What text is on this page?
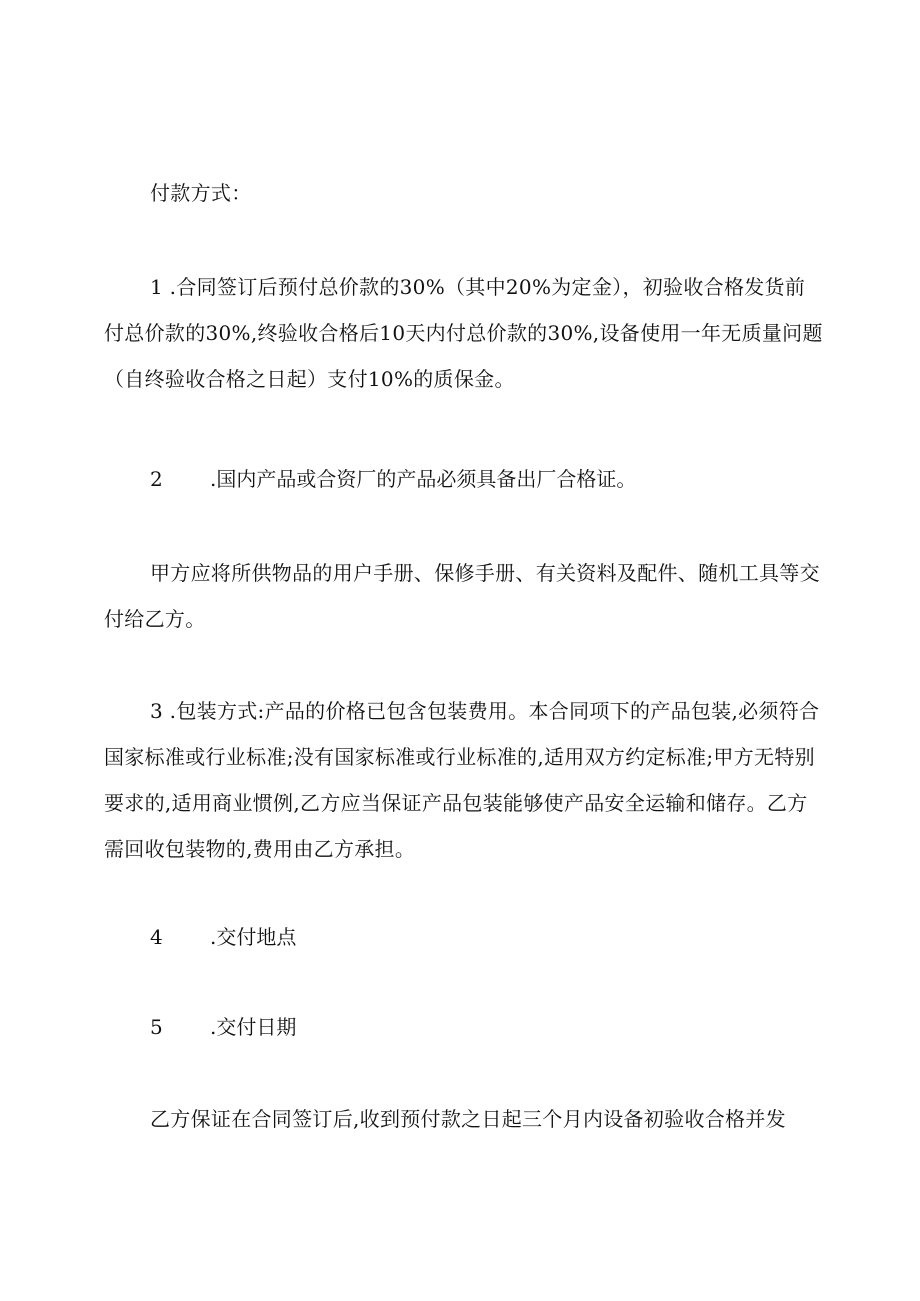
付款方式：
1 .合同签订后预付总价款的30%（其中20%为定金），初验收合格发货前付总价款的30%,终验收合格后10天内付总价款的30%,设备使用一年无质量问题（自终验收合格之日起）支付10%的质保金。
2 .国内产品或合资厂的产品必须具备出厂合格证。
甲方应将所供物品的用户手册、保修手册、有关资料及配件、随机工具等交付给乙方。
3 .包装方式:产品的价格已包含包装费用。本合同项下的产品包装,必须符合国家标准或行业标准;没有国家标准或行业标准的,适用双方约定标准;甲方无特别要求的,适用商业惯例,乙方应当保证产品包装能够使产品安全运输和储存。乙方需回收包装物的,费用由乙方承担。
4 .交付地点
5 .交付日期
乙方保证在合同签订后,收到预付款之日起三个月内设备初验收合格并发
